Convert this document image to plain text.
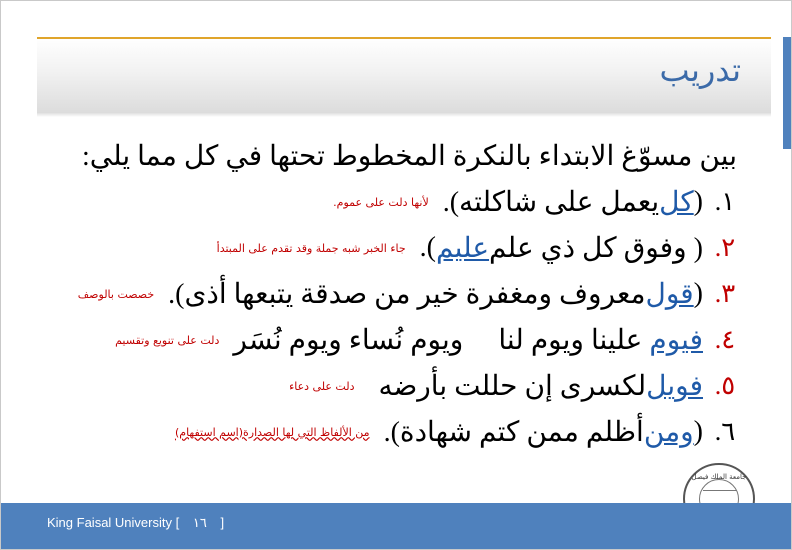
تدريب
بين مسوّغ الابتداء بالنكرة المخطوط تحتها في كل مما يلي:
١.
(
كل
يعمل على شاكلته).
لأنها دلت على عموم.
٢.
( وفوق كل ذي علم
عليم
).
جاء الخبر شبه جملة وقد تقدم على المبتدأ
٣.
(
قول
معروف ومغفرة خير من صدقة يتبعها أذى).
خصصت بالوصف
٤.
فيوم
علينا ويوم لنا     ويوم نُساء ويوم نُسَر
دلت على تنويع وتقسيم
٥.
فويل
لكسرى إن حللت بأرضه
دلت على دعاء
٦.
(
ومن
أظلم ممن كتم شهادة).
من الألفاظ التي لها الصدارة(اسم استفهام)
جامعة الملك فيصل
King Faisal University [ ١٦ ]
